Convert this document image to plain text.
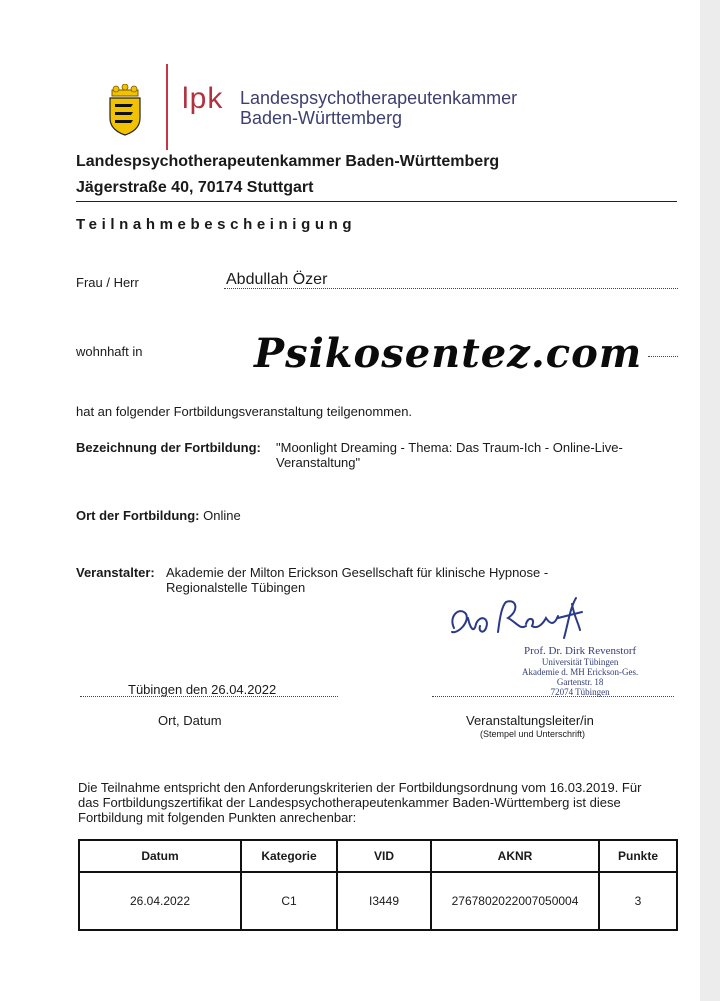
lpk Landespsychotherapeutenkammer
Baden-Württemberg
Landespsychotherapeutenkammer Baden-Württemberg
Jägerstraße 40, 70174 Stuttgart
Teilnahmebescheinigung
Frau / Herr	Abdullah Özer
wohnhaft in	Psikosentez.com
hat an folgender Fortbildungsveranstaltung teilgenommen.
Bezeichnung der Fortbildung: "Moonlight Dreaming - Thema: Das Traum-Ich - Online-Live-
Veranstaltung"
Ort der Fortbildung: Online
Veranstalter: Akademie der Milton Erickson Gesellschaft für klinische Hypnose -
Regionalstelle Tübingen
Prof. Dr. Dirk Revenstorf
Universität Tübingen
Akademie d. MH Erickson-Ges.
Gartenstr. 18
72074 Tübingen
Tübingen den 26.04.2022
Ort, Datum	Veranstaltungsleiter/in
(Stempel und Unterschrift)
Die Teilnahme entspricht den Anforderungskriterien der Fortbildungsordnung vom 16.03.2019. Für
das Fortbildungszertifikat der Landespsychotherapeutenkammer Baden-Württemberg ist diese
Fortbildung mit folgenden Punkten anrechenbar:
Datum	Kategorie	VID	AKNR	Punkte
26.04.2022	C1	I3449	2767802022007050004	3
